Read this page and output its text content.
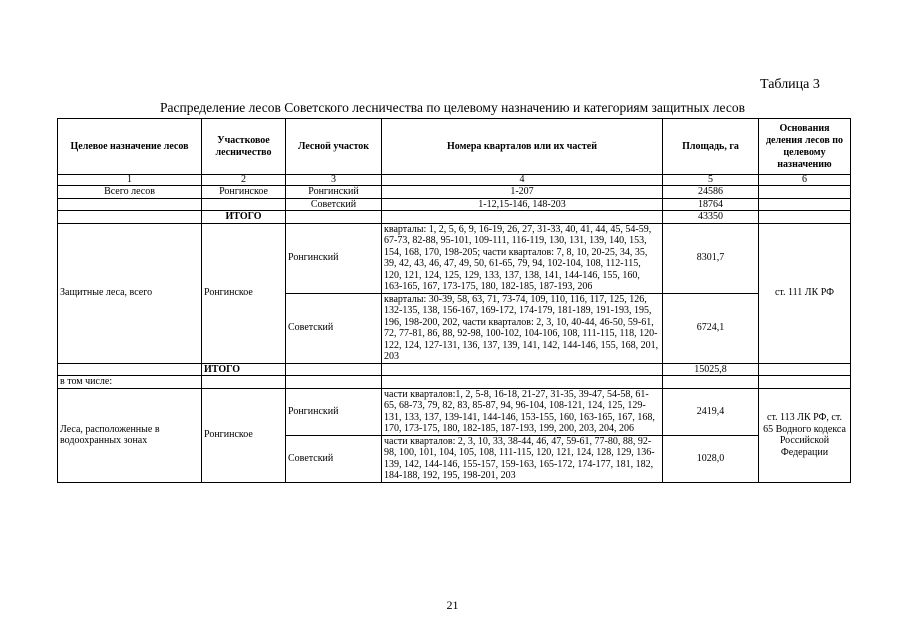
Таблица 3
Распределение лесов Советского лесничества по целевому назначению и категориям защитных лесов
Целевое назначение лесов	Участковое лесничество	Лесной участок	Номера кварталов или их частей	Площадь, га	Основания деления лесов по целевому назначению
1	2	3	4	5	6
Всего лесов	Ронгинское	Ронгинский	1-207	24586	
		Советский	1-12,15-146, 148-203	18764	
	ИТОГО			43350	
Защитные леса, всего	Ронгинское	Ронгинский	кварталы: 1, 2, 5, 6, 9, 16-19, 26, 27, 31-33, 40, 41, 44, 45, 54-59, 67-73, 82-88, 95-101, 109-111, 116-119, 130, 131, 139, 140, 153, 154, 168, 170, 198-205; части кварталов: 7, 8, 10, 20-25, 34, 35, 39, 42, 43, 46, 47, 49, 50, 61-65, 79, 94, 102-104, 108, 112-115, 120, 121, 124, 125, 129, 133, 137, 138, 141, 144-146, 155, 160, 163-165, 167, 173-175, 180, 182-185, 187-193, 206	8301,7	ст. 111 ЛК РФ
		Советский	кварталы: 30-39, 58, 63, 71, 73-74, 109, 110, 116, 117, 125, 126, 132-135, 138, 156-167, 169-172, 174-179, 181-189, 191-193, 195, 196, 198-200, 202, части кварталов: 2, 3, 10, 40-44, 46-50, 59-61, 72, 77-81, 86, 88, 92-98, 100-102, 104-106, 108, 111-115, 118, 120-122, 124, 127-131, 136, 137, 139, 141, 142, 144-146, 155, 168, 201, 203	6724,1	
	ИТОГО			15025,8	
в том числе:					
Леса, расположенные в водоохранных зонах	Ронгинское	Ронгинский	части кварталов:1, 2, 5-8, 16-18, 21-27, 31-35, 39-47, 54-58, 61-65, 68-73, 79, 82, 83, 85-87, 94, 96-104, 108-121, 124, 125, 129-131, 133, 137, 139-141, 144-146, 153-155, 160, 163-165, 167, 168, 170, 173-175, 180, 182-185, 187-193, 199, 200, 203, 204, 206	2419,4	ст. 113 ЛК РФ, ст. 65 Водного кодекса Российской Федерации
		Советский	части кварталов: 2, 3, 10, 33, 38-44, 46, 47, 59-61, 77-80, 88, 92-98, 100, 101, 104, 105, 108, 111-115, 120, 121, 124, 128, 129, 136-139, 142, 144-146, 155-157, 159-163, 165-172, 174-177, 181, 182, 184-188, 192, 195, 198-201, 203	1028,0	
21
